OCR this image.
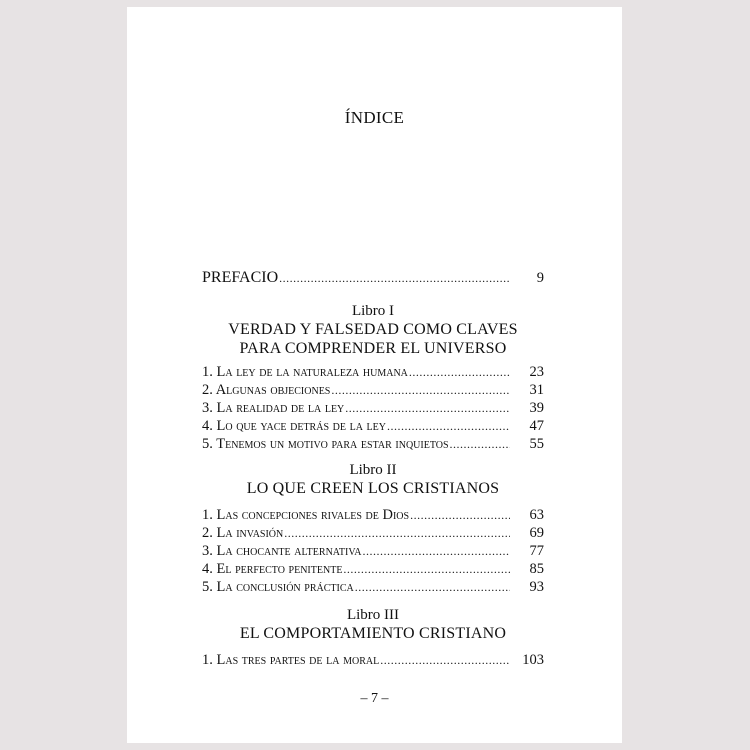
ÍNDICE
PREFACIO .....	9
Libro I
VERDAD Y FALSEDAD COMO CLAVES
PARA COMPRENDER EL UNIVERSO
1. La ley de la naturaleza humana .....	23
2. Algunas objeciones .....	31
3. La realidad de la ley .....	39
4. Lo que yace detrás de la ley .....	47
5. Tenemos un motivo para estar inquietos .....	55
Libro II
LO QUE CREEN LOS CRISTIANOS
1. Las concepciones rivales de Dios .....	63
2. La invasión .....	69
3. La chocante alternativa .....	77
4. El perfecto penitente .....	85
5. La conclusión práctica .....	93
Libro III
EL COMPORTAMIENTO CRISTIANO
1. Las tres partes de la moral .....	103
– 7 –
